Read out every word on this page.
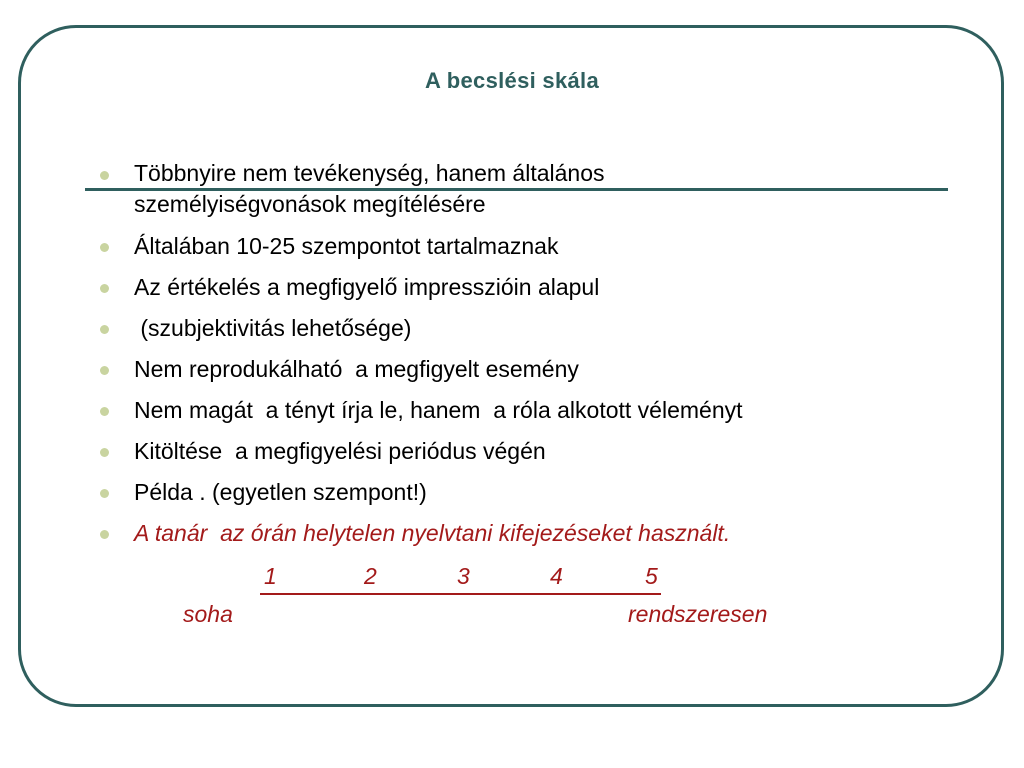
A becslési skála
Többnyire nem tevékenység, hanem általános
személyiségvonások megítélésére
Általában 10-25 szempontot tartalmaznak
Az értékelés a megfigyelő impresszióin alapul
(szubjektivitás lehetősége)
Nem reprodukálható  a megfigyelt esemény
Nem magát  a tényt írja le, hanem  a róla alkotott véleményt
Kitöltése  a megfigyelési periódus végén
Példa . (egyetlen szempont!)
A tanár  az órán helytelen nyelvtani kifejezéseket használt.
1	2	3	4	5
soha	rendszeresen
